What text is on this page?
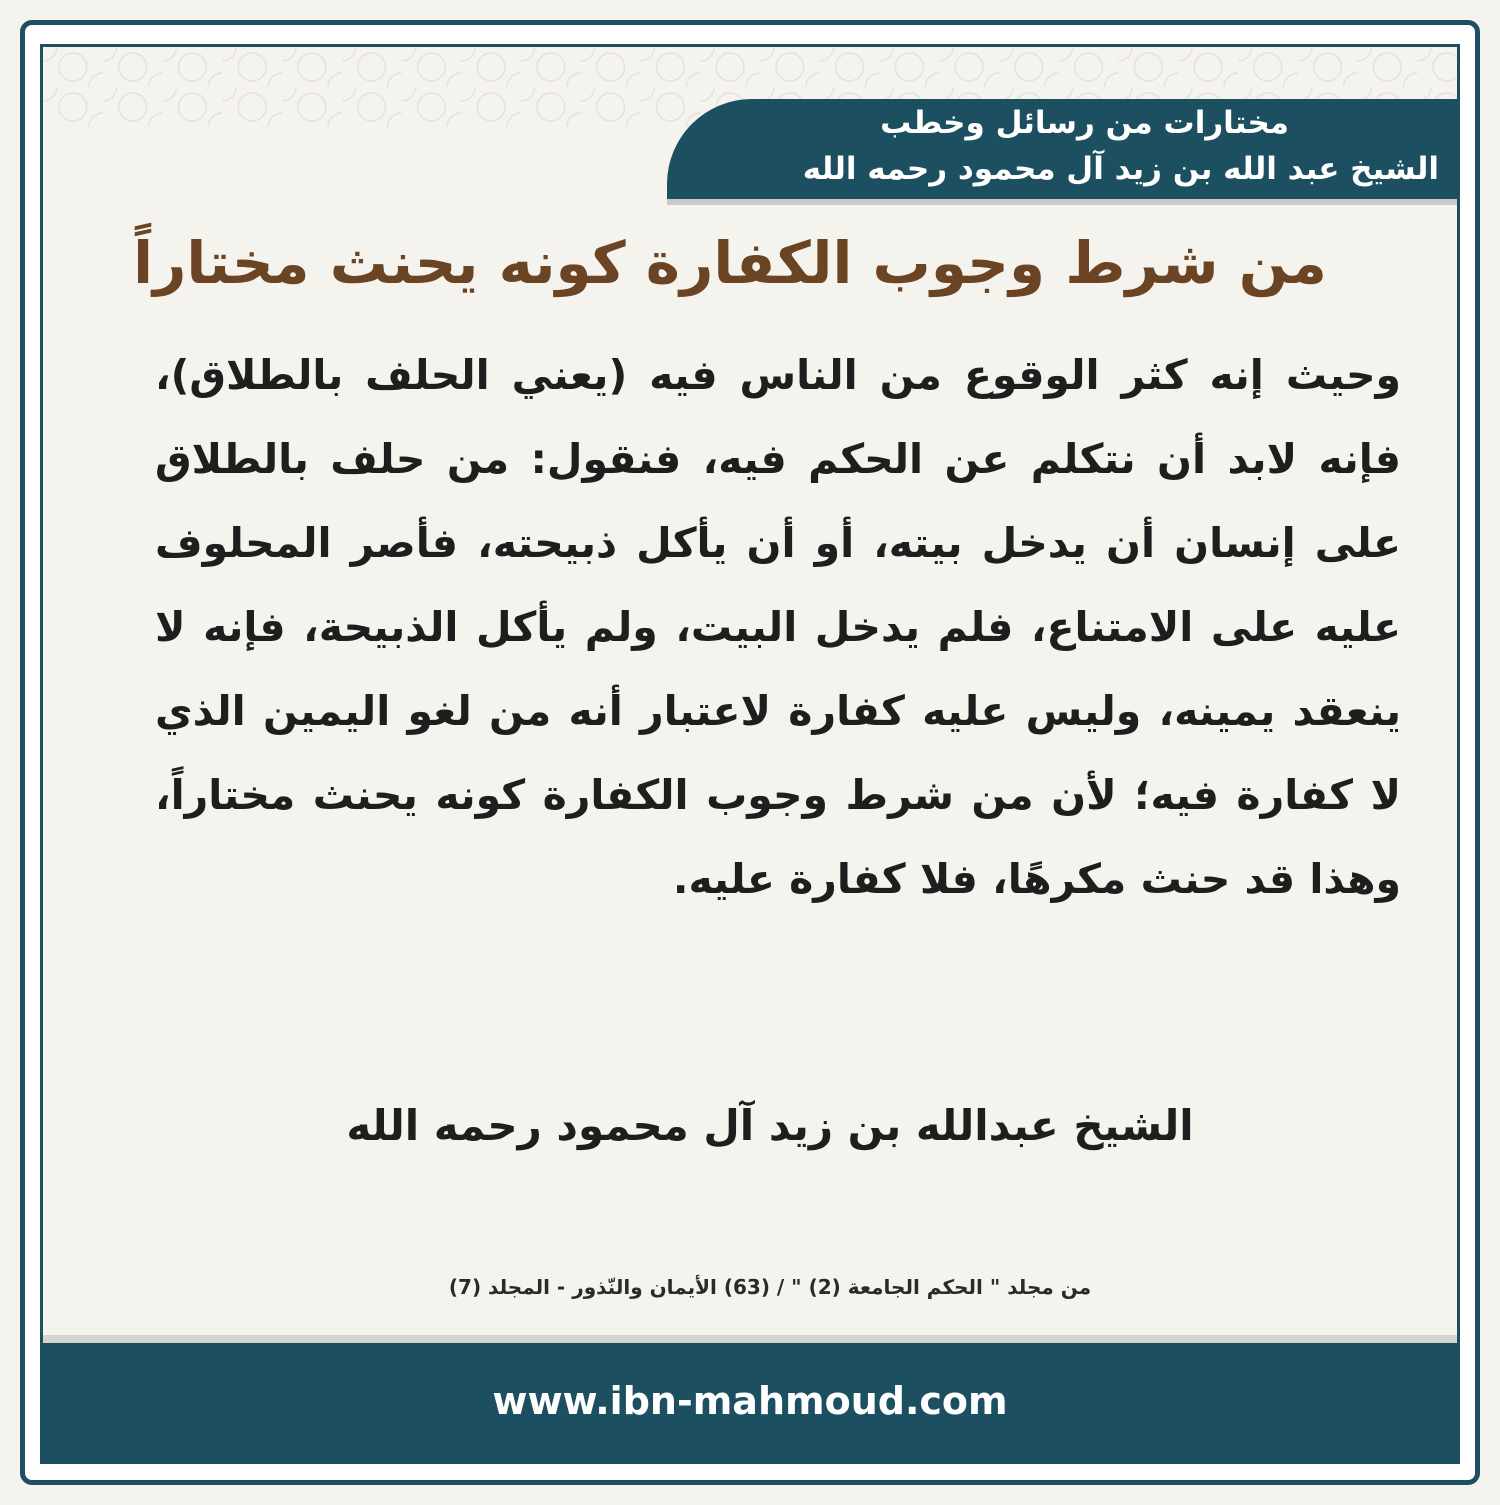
مختارات من رسائل وخطب
الشيخ عبد الله بن زيد آل محمود رحمه الله
من شرط وجوب الكفارة كونه يحنث مختاراً
وحيث إنه كثر الوقوع من الناس فيه (يعني الحلف بالطلاق)، فإنه لابد أن نتكلم عن الحكم فيه، فنقول: من حلف بالطلاق على إنسان أن يدخل بيته، أو أن يأكل ذبيحته، فأصر المحلوف عليه على الامتناع، فلم يدخل البيت، ولم يأكل الذبيحة، فإنه لا ينعقد يمينه، وليس عليه كفارة لاعتبار أنه من لغو اليمين الذي لا كفارة فيه؛ لأن من شرط وجوب الكفارة كونه يحنث مختاراً، وهذا قد حنث مكرهًا، فلا كفارة عليه.
الشيخ عبدالله بن زيد آل محمود رحمه الله
من مجلد " الحكم الجامعة (2) " / (63) الأيمان والنّذور - المجلد (7)
www.ibn-mahmoud.com
